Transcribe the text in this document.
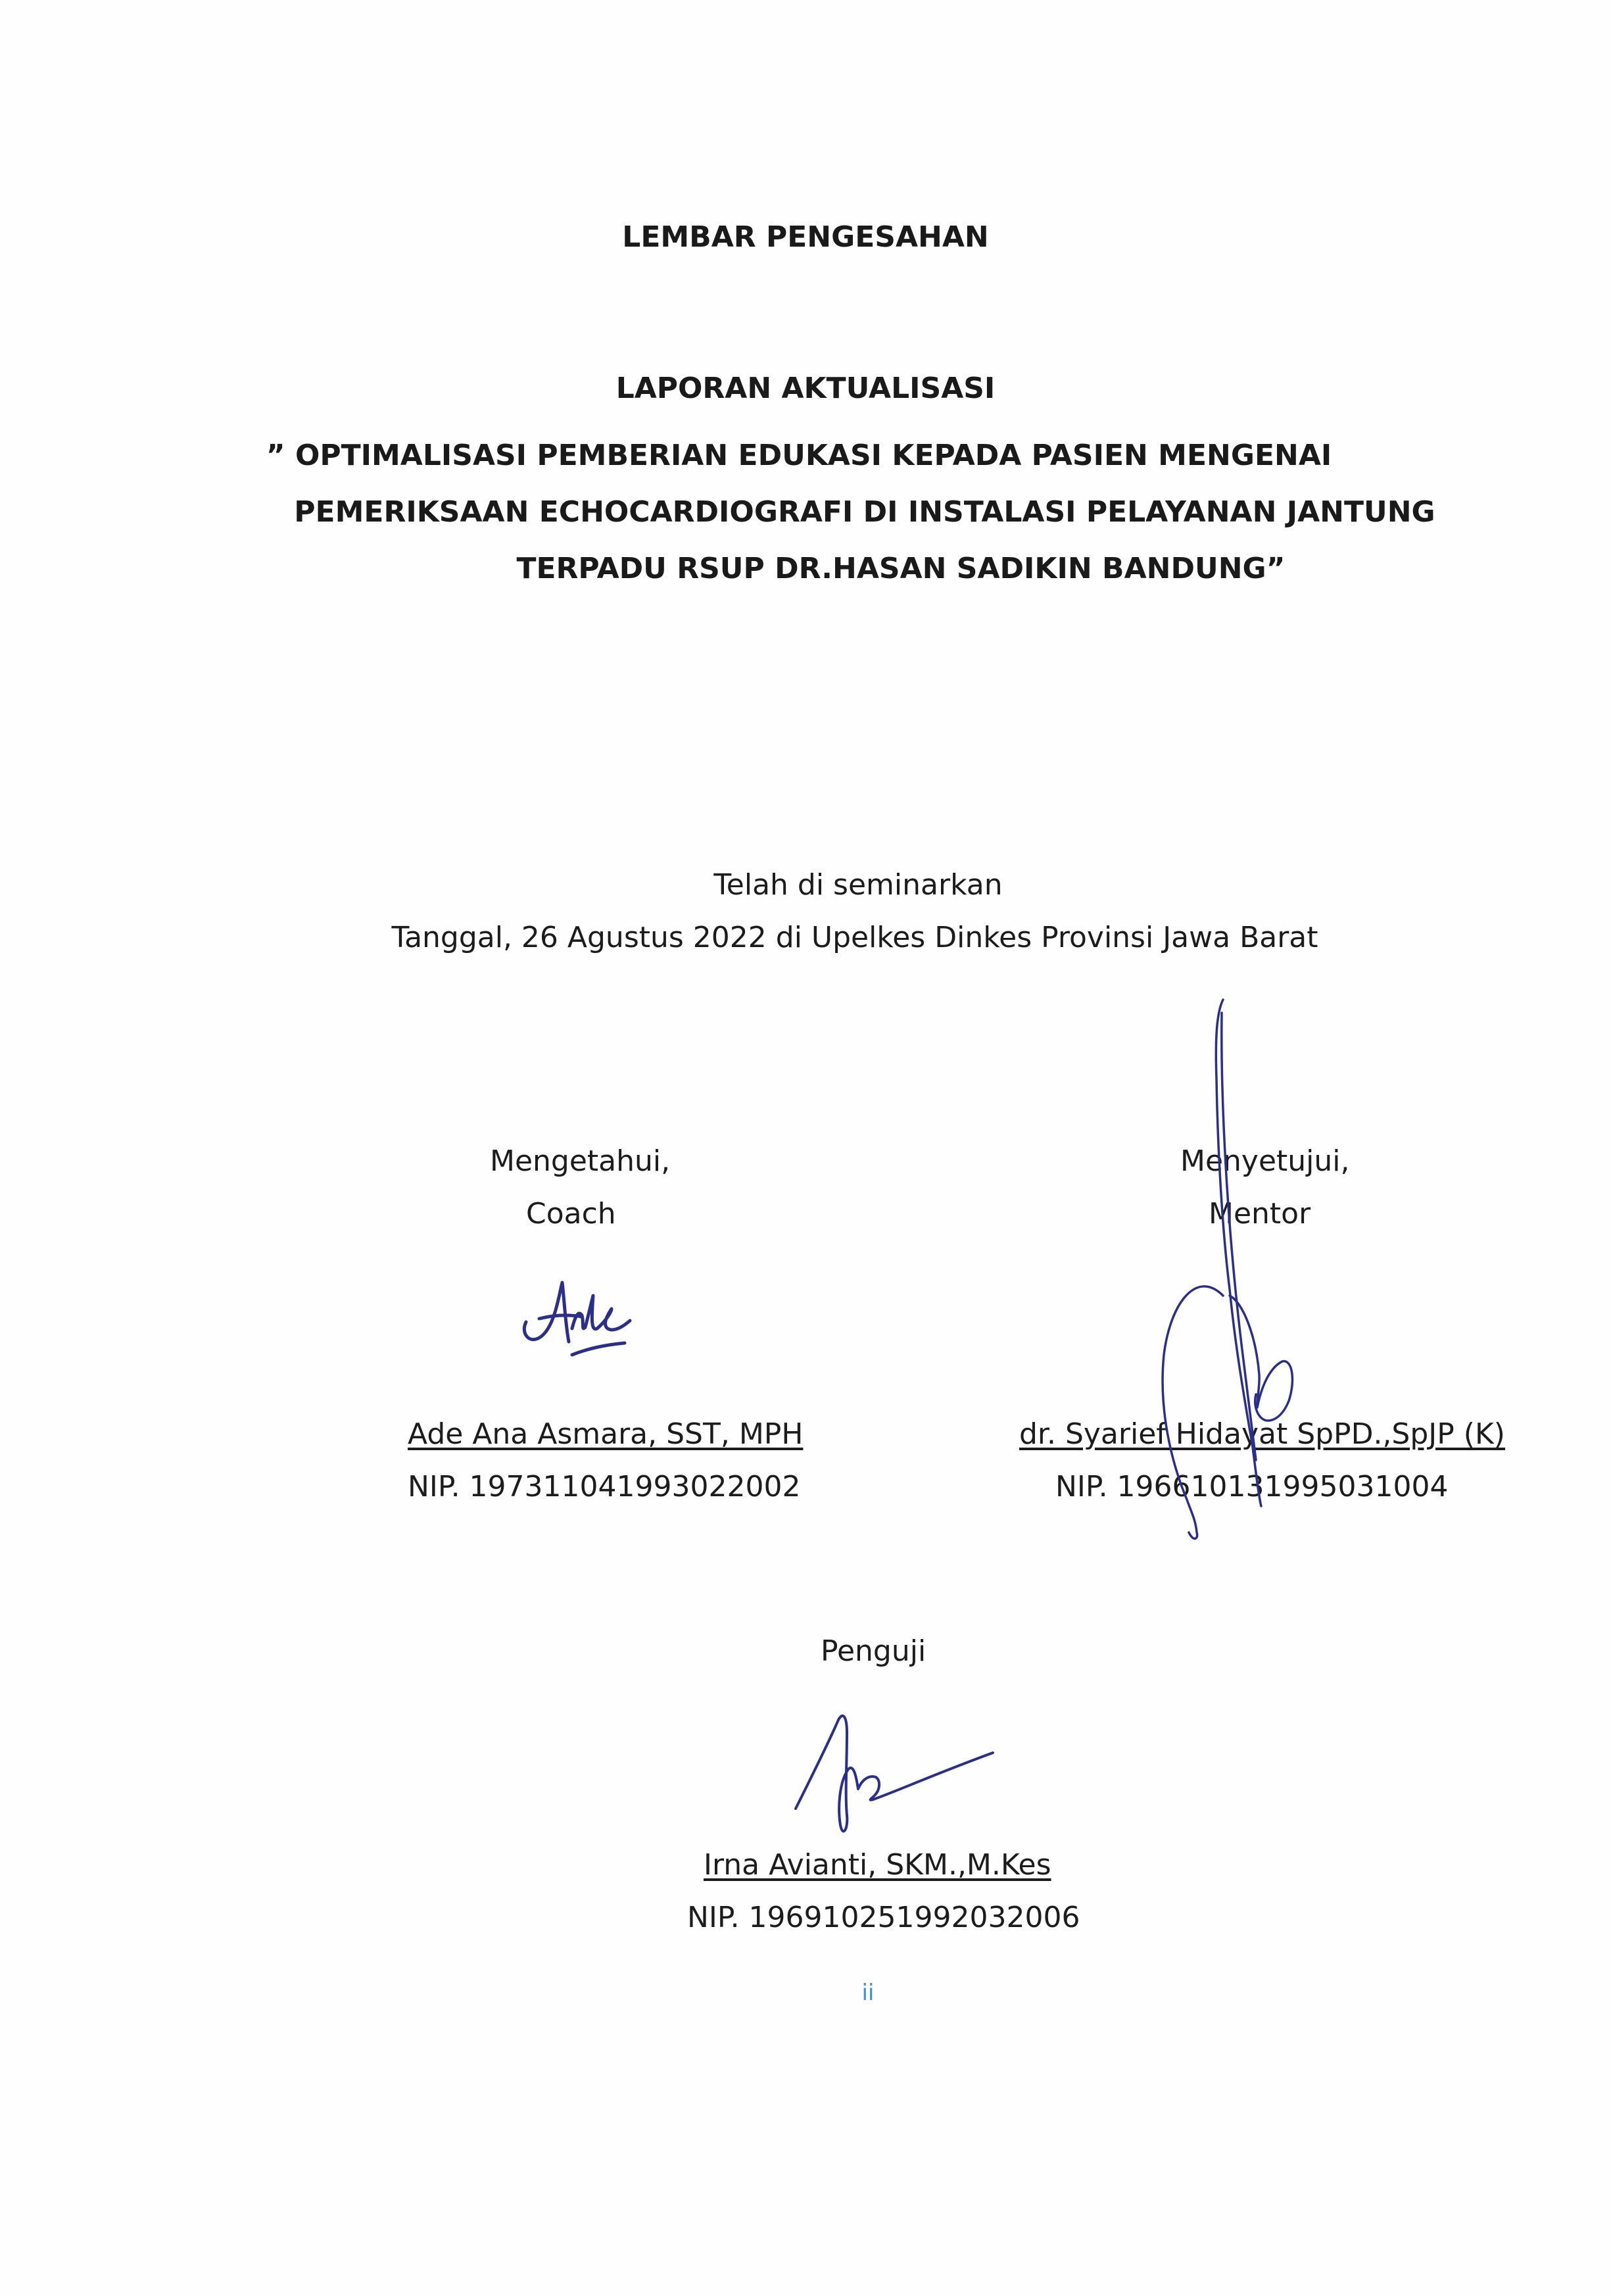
LEMBAR PENGESAHAN

LAPORAN AKTUALISASI

” OPTIMALISASI PEMBERIAN EDUKASI KEPADA PASIEN MENGENAI
PEMERIKSAAN ECHOCARDIOGRAFI DI INSTALASI PELAYANAN JANTUNG
TERPADU RSUP DR.HASAN SADIKIN BANDUNG”
Telah di seminarkan
Tanggal, 26 Agustus 2022 di Upelkes Dinkes Provinsi Jawa Barat
Mengetahui,
Coach
Ade Ana Asmara, SST, MPH
NIP. 197311041993022002
Menyetujui,
Mentor
dr. Syarief Hidayat SpPD.,SpJP (K)
NIP. 196610131995031004
Penguji
Irna Avianti, SKM.,M.Kes
NIP. 196910251992032006
ii
